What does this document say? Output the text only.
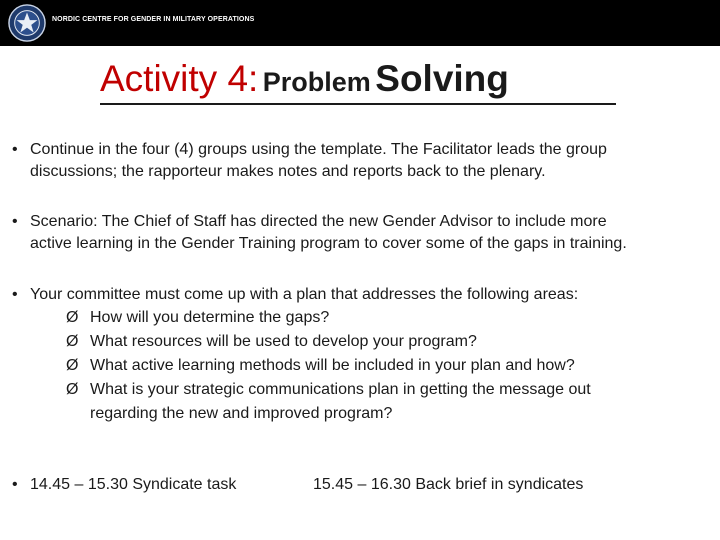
NORDIC CENTRE FOR GENDER IN MILITARY OPERATIONS
Activity 4: Problem Solving
• Continue in the four (4) groups using the template. The Facilitator leads the group
discussions; the rapporteur makes notes and reports back to the plenary.
• Scenario: The Chief of Staff has directed the new Gender Advisor to include more
active learning in the Gender Training program to cover some of the gaps in training.
• Your committee must come up with a plan that addresses the following areas:
Ø How will you determine the gaps?
Ø What resources will be used to develop your program?
Ø What active learning methods will be included in your plan and how?
Ø What is your strategic communications plan in getting the message out
regarding the new and improved program?
• 14.45 – 15.30 Syndicate task	15.45 – 16.30 Back brief in syndicates
